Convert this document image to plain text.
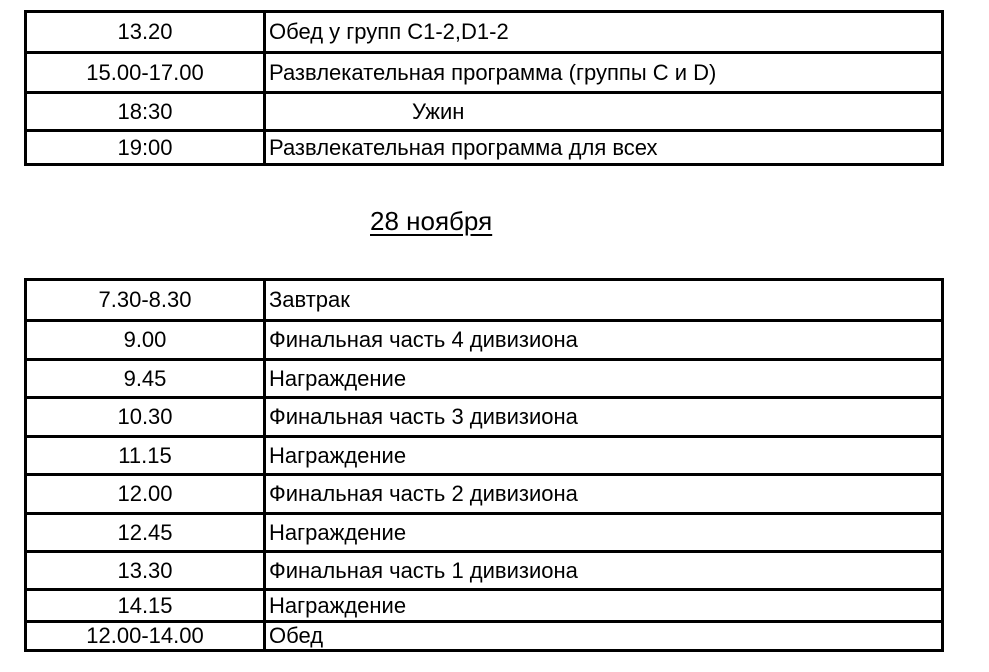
13.20	Обед у групп C1-2,D1-2
15.00-17.00	Развлекательная программа (группы C и D)
18:30	Ужин
19:00	Развлекательная программа для всех
28 ноября
7.30-8.30	Завтрак
9.00	Финальная часть 4 дивизиона
9.45	Награждение
10.30	Финальная часть 3 дивизиона
11.15	Награждение
12.00	Финальная часть 2 дивизиона
12.45	Награждение
13.30	Финальная часть 1 дивизиона
14.15	Награждение
12.00-14.00	Обед
